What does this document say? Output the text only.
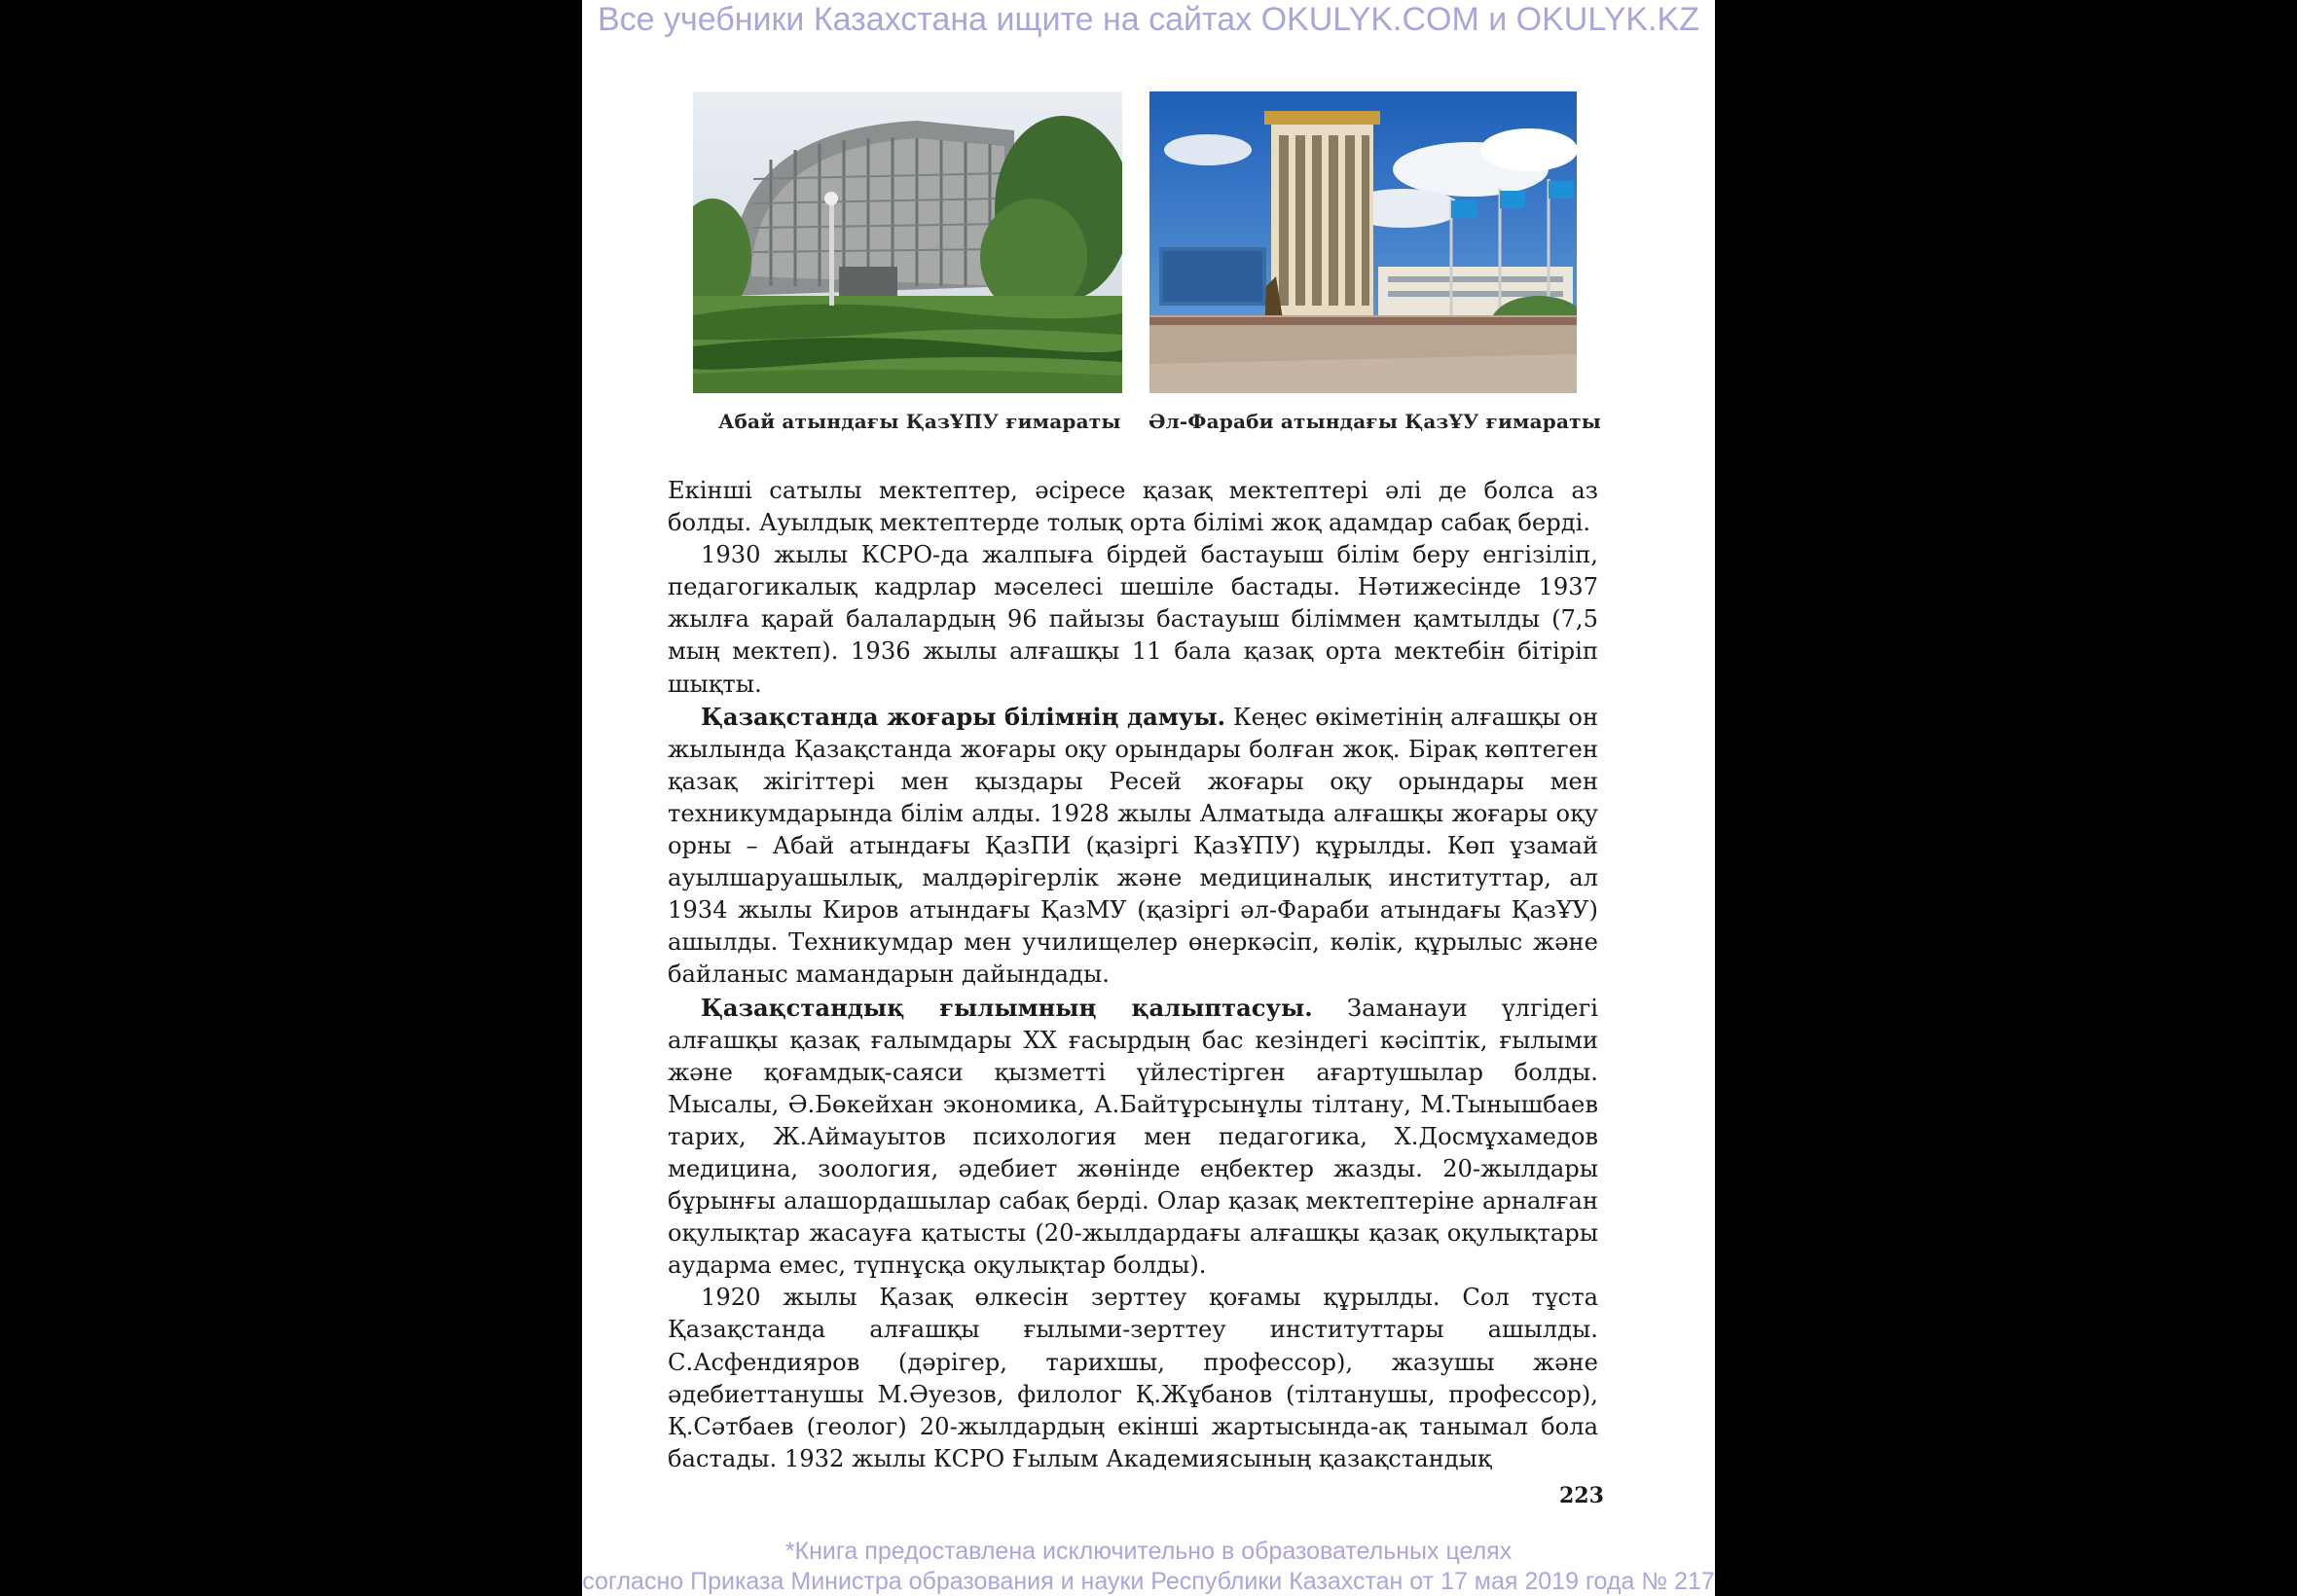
Все учебники Казахстана ищите на сайтах OKULYK.COM и OKULYK.KZ
Абай атындағы ҚазҰПУ ғимараты Әл-Фараби атындағы ҚазҰУ ғимараты

Екінші сатылы мектептер, әсіресе қазақ мектептері әлі де болса аз болды. Ауылдық мектептерде толық орта білімі жоқ адамдар сабақ берді.

1930 жылы КСРО-да жалпыға бірдей бастауыш білім беру енгізіліп, педагогикалық кадрлар мәселесі шешіле бастады. Нәтижесінде 1937 жылға қарай балалардың 96 пайызы бастауыш біліммен қамтылды (7,5 мың мектеп). 1936 жылы алғашқы 11 бала қазақ орта мектебін бітіріп шықты.

Қазақстанда жоғары білімнің дамуы. Кеңес өкіметінің алғашқы он жылында Қазақстанда жоғары оқу орындары болған жоқ. Бірақ көптеген қазақ жігіттері мен қыздары Ресей жоғары оқу орындары мен техникумдарында білім алды. 1928 жылы Алматыда алғашқы жоғары оқу орны – Абай атындағы ҚазПИ (қазіргі ҚазҰПУ) құрылды. Көп ұзамай ауылшаруашылық, малдәрігерлік және медициналық институттар, ал 1934 жылы Киров атындағы ҚазМУ (қазіргі әл-Фараби атындағы ҚазҰУ) ашылды. Техникумдар мен училищелер өнеркәсіп, көлік, құрылыс және байланыс мамандарын дайындады.

Қазақстандық ғылымның қалыптасуы. Заманауи үлгідегі алғашқы қазақ ғалымдары XX ғасырдың бас кезіндегі кәсіптік, ғылыми және қоғамдық-саяси қызметті үйлестірген ағартушылар болды. Мысалы, Ә.Бөкейхан экономика, А.Байтұрсынұлы тілтану, М.Тынышбаев тарих, Ж.Аймауытов психология мен педагогика, Х.Досмұхамедов медицина, зоология, әдебиет жөнінде еңбектер жазды. 20-жылдары бұрынғы алашордашылар сабақ берді. Олар қазақ мектептеріне арналған оқулықтар жасауға қатысты (20-жылдардағы алғашқы қазақ оқулықтары аударма емес, түпнұсқа оқулықтар болды).

1920 жылы Қазақ өлкесін зерттеу қоғамы құрылды. Сол тұста Қазақстанда алғашқы ғылыми-зерттеу институттары ашылды. С.Асфендияров (дәрігер, тарихшы, профессор), жазушы және әдебиеттанушы М.Әуезов, филолог Қ.Жұбанов (тілтанушы, профессор), Қ.Сәтбаев (геолог) 20-жылдардың екінші жартысында-ақ танымал бола бастады. 1932 жылы КСРО Ғылым Академиясының қазақстандық

223
*Книга предоставлена исключительно в образовательных целях
согласно Приказа Министра образования и науки Республики Казахстан от 17 мая 2019 года № 217
